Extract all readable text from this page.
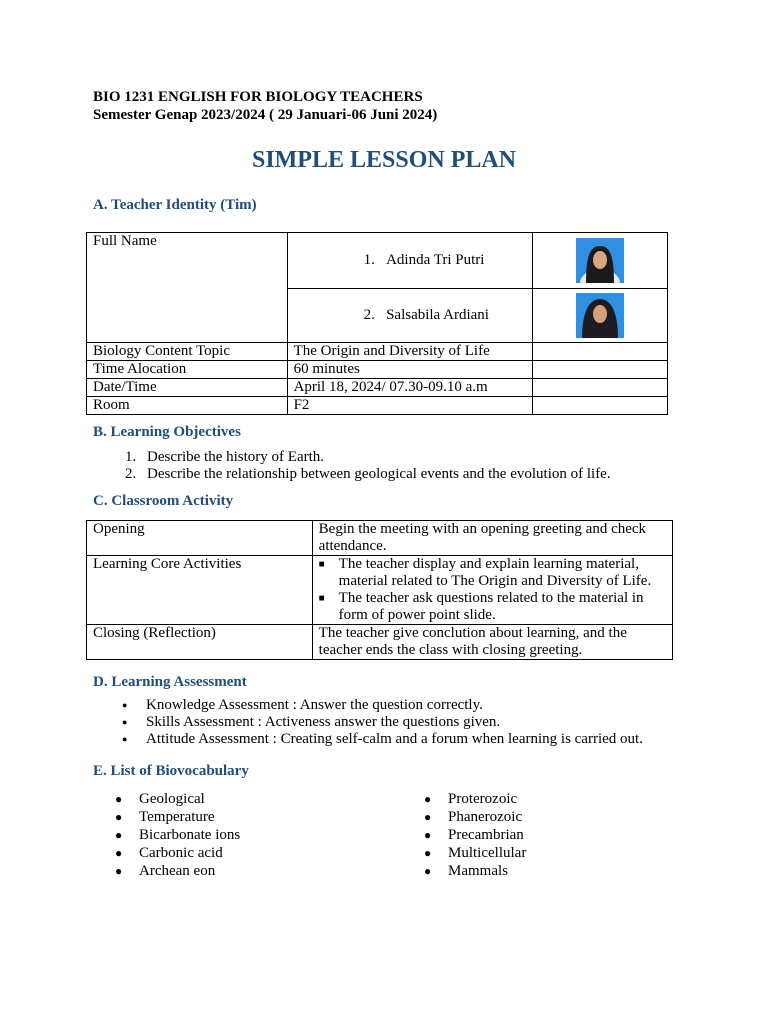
BIO 1231 ENGLISH FOR BIOLOGY TEACHERS
Semester Genap 2023/2024 ( 29 Januari-06 Juni 2024)
SIMPLE LESSON PLAN
A. Teacher Identity (Tim)
Full Name	1. Adinda Tri Putri	

	2. Salsabila Ardiani	

Biology Content Topic	The Origin and Diversity of Life	
Time Alocation	60 minutes	
Date/Time	April 18, 2024/ 07.30-09.10 a.m	
Room	F2	
B. Learning Objectives
1. Describe the history of Earth.
2. Describe the relationship between geological events and the evolution of life.
C. Classroom Activity
Opening	Begin the meeting with an opening greeting and check attendance.
Learning Core Activities	■ The teacher display and explain learning material, material related to The Origin and Diversity of Life.
■ The teacher ask questions related to the material in form of power point slide.

Closing (Reflection)	The teacher give conclution about learning, and the teacher ends the class with closing greeting.
D. Learning Assessment
● Knowledge Assessment : Answer the question correctly.
● Skills Assessment : Activeness answer the questions given.
● Attitude Assessment : Creating self-calm and a forum when learning is carried out.
E. List of Biovocabulary
● Geological
● Temperature
● Bicarbonate ions
● Carbonic acid
● Archean eon
● Proterozoic
● Phanerozoic
● Precambrian
● Multicellular
● Mammals
